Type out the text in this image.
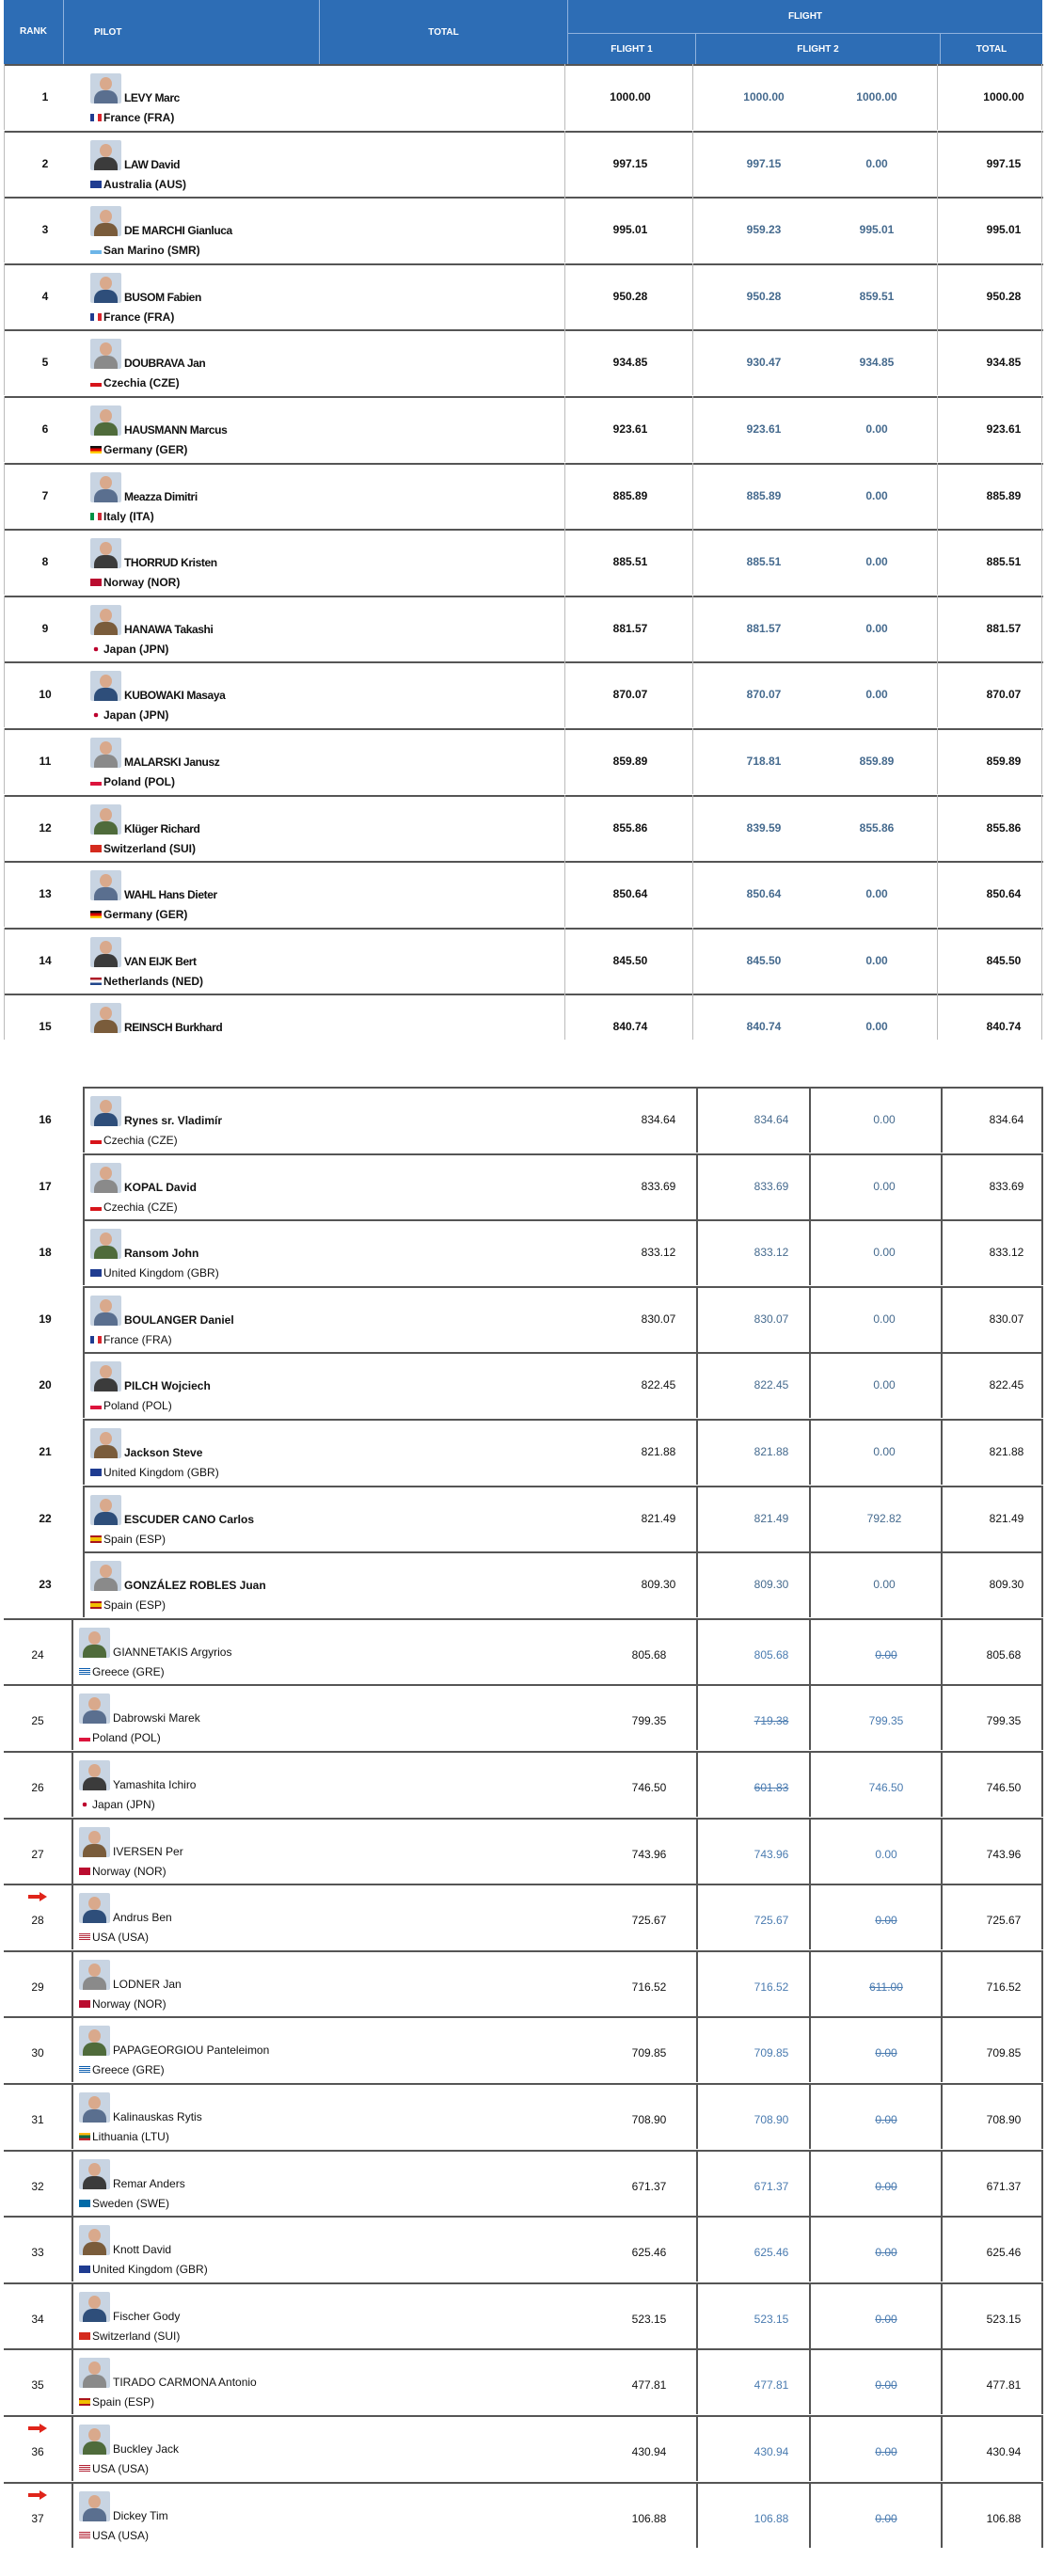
RANK	PILOT	TOTAL
FLIGHT
FLIGHT 1	FLIGHT 2	TOTAL
1	LEVY Marc
France (FRA)
1000.00	1000.00	1000.00	1000.00
2	LAW David
Australia (AUS)
997.15	997.15	0.00	997.15
3	DE MARCHI Gianluca
San Marino (SMR)
995.01	959.23	995.01	995.01
4	BUSOM Fabien
France (FRA)
950.28	950.28	859.51	950.28
5	DOUBRAVA Jan
Czechia (CZE)
934.85	930.47	934.85	934.85
6	HAUSMANN Marcus
Germany (GER)
923.61	923.61	0.00	923.61
7	Meazza Dimitri
Italy (ITA)
885.89	885.89	0.00	885.89
8	THORRUD Kristen
Norway (NOR)
885.51	885.51	0.00	885.51
9	HANAWA Takashi
Japan (JPN)
881.57	881.57	0.00	881.57
10	KUBOWAKI Masaya
Japan (JPN)
870.07	870.07	0.00	870.07
11	MALARSKI Janusz
Poland (POL)
859.89	718.81	859.89	859.89
12	Klüger Richard
Switzerland (SUI)
855.86	839.59	855.86	855.86
13	WAHL Hans Dieter
Germany (GER)
850.64	850.64	0.00	850.64
14	VAN EIJK Bert
Netherlands (NED)
845.50	845.50	0.00	845.50
15	REINSCH Burkhard	840.74	840.74	0.00	840.74
16	Rynes sr. Vladimír
Czechia (CZE)
834.64	834.64	0.00	834.64
17	KOPAL David
Czechia (CZE)
833.69	833.69	0.00	833.69
18	Ransom John
United Kingdom (GBR)
833.12	833.12	0.00	833.12
19	BOULANGER Daniel
France (FRA)
830.07	830.07	0.00	830.07
20	PILCH Wojciech
Poland (POL)
822.45	822.45	0.00	822.45
21	Jackson Steve
United Kingdom (GBR)
821.88	821.88	0.00	821.88
22	ESCUDER CANO Carlos
Spain (ESP)
821.49	821.49	792.82	821.49
23	GONZÁLEZ ROBLES Juan
Spain (ESP)
809.30	809.30	0.00	809.30
24	GIANNETAKIS Argyrios
Greece (GRE)
805.68	805.68	0.00	805.68
25	Dabrowski Marek
Poland (POL)
799.35	719.38	799.35	799.35
26	Yamashita Ichiro
Japan (JPN)
746.50	601.83	746.50	746.50
27	IVERSEN Per
Norway (NOR)
743.96	743.96	0.00	743.96
28	Andrus Ben
USA (USA)
725.67	725.67	0.00	725.67
29	LODNER Jan
Norway (NOR)
716.52	716.52	611.00	716.52
30	PAPAGEORGIOU Panteleimon
Greece (GRE)
709.85	709.85	0.00	709.85
31	Kalinauskas Rytis
Lithuania (LTU)
708.90	708.90	0.00	708.90
32	Remar Anders
Sweden (SWE)
671.37	671.37	0.00	671.37
33	Knott David
United Kingdom (GBR)
625.46	625.46	0.00	625.46
34	Fischer Gody
Switzerland (SUI)
523.15	523.15	0.00	523.15
35	TIRADO CARMONA Antonio
Spain (ESP)
477.81	477.81	0.00	477.81
36	Buckley Jack
USA (USA)
430.94	430.94	0.00	430.94
37	Dickey Tim
USA (USA)
106.88	106.88	0.00	106.88
